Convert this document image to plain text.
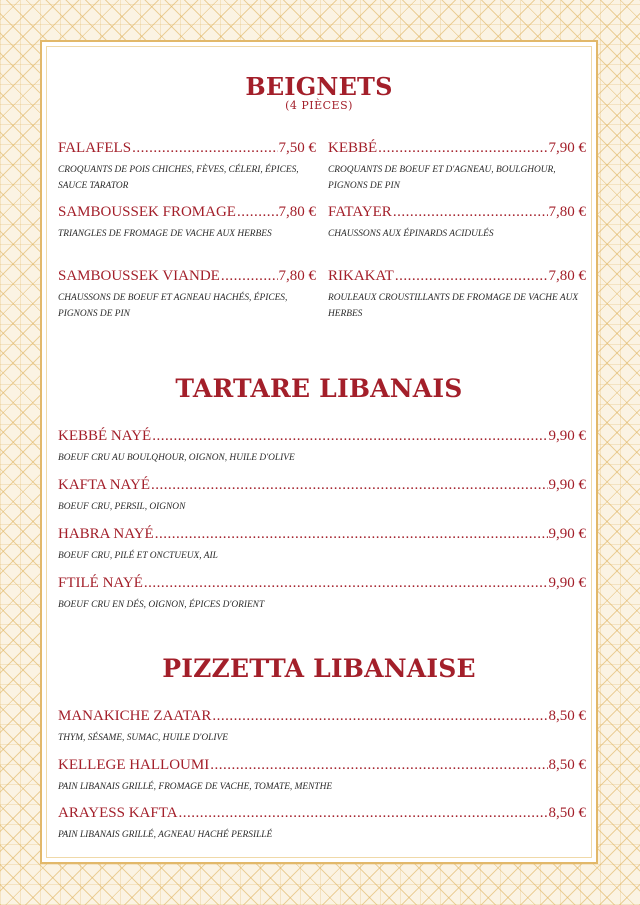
BEIGNETS
(4 PIÈCES)
FALAFELS .....	7,50 €
CROQUANTS DE POIS CHICHES, FÈVES, CÉLERI, ÉPICES, SAUCE TARATOR
KEBBÉ .....	7,90 €
CROQUANTS DE BOEUF ET D'AGNEAU, BOULGHOUR, PIGNONS DE PIN
SAMBOUSSEK FROMAGE .....	7,80 €
TRIANGLES DE FROMAGE DE VACHE AUX HERBES
FATAYER .....	7,80 €
CHAUSSONS AUX ÉPINARDS ACIDULÉS
SAMBOUSSEK VIANDE .....	7,80 €
CHAUSSONS DE BOEUF ET AGNEAU HACHÉS, ÉPICES, PIGNONS DE PIN
RIKAKAT .....	7,80 €
ROULEAUX CROUSTILLANTS DE FROMAGE DE VACHE AUX HERBES
TARTARE LIBANAIS
KEBBÉ NAYÉ .....	9,90 €
BOEUF CRU AU BOULQHOUR, OIGNON, HUILE D'OLIVE
KAFTA NAYÉ .....	9,90 €
BOEUF CRU, PERSIL, OIGNON
HABRA NAYÉ .....	9,90 €
BOEUF CRU, PILÉ ET ONCTUEUX, AIL
FTILÉ NAYÉ .....	9,90 €
BOEUF CRU EN DÉS, OIGNON, ÉPICES D'ORIENT
PIZZETTA LIBANAISE
MANAKICHE ZAATAR .....	8,50 €
THYM, SÉSAME, SUMAC, HUILE D'OLIVE
KELLEGE HALLOUMI .....	8,50 €
PAIN LIBANAIS GRILLÉ, FROMAGE DE VACHE, TOMATE, MENTHE
ARAYESS KAFTA .....	8,50 €
PAIN LIBANAIS GRILLÉ, AGNEAU HACHÉ PERSILLÉ
